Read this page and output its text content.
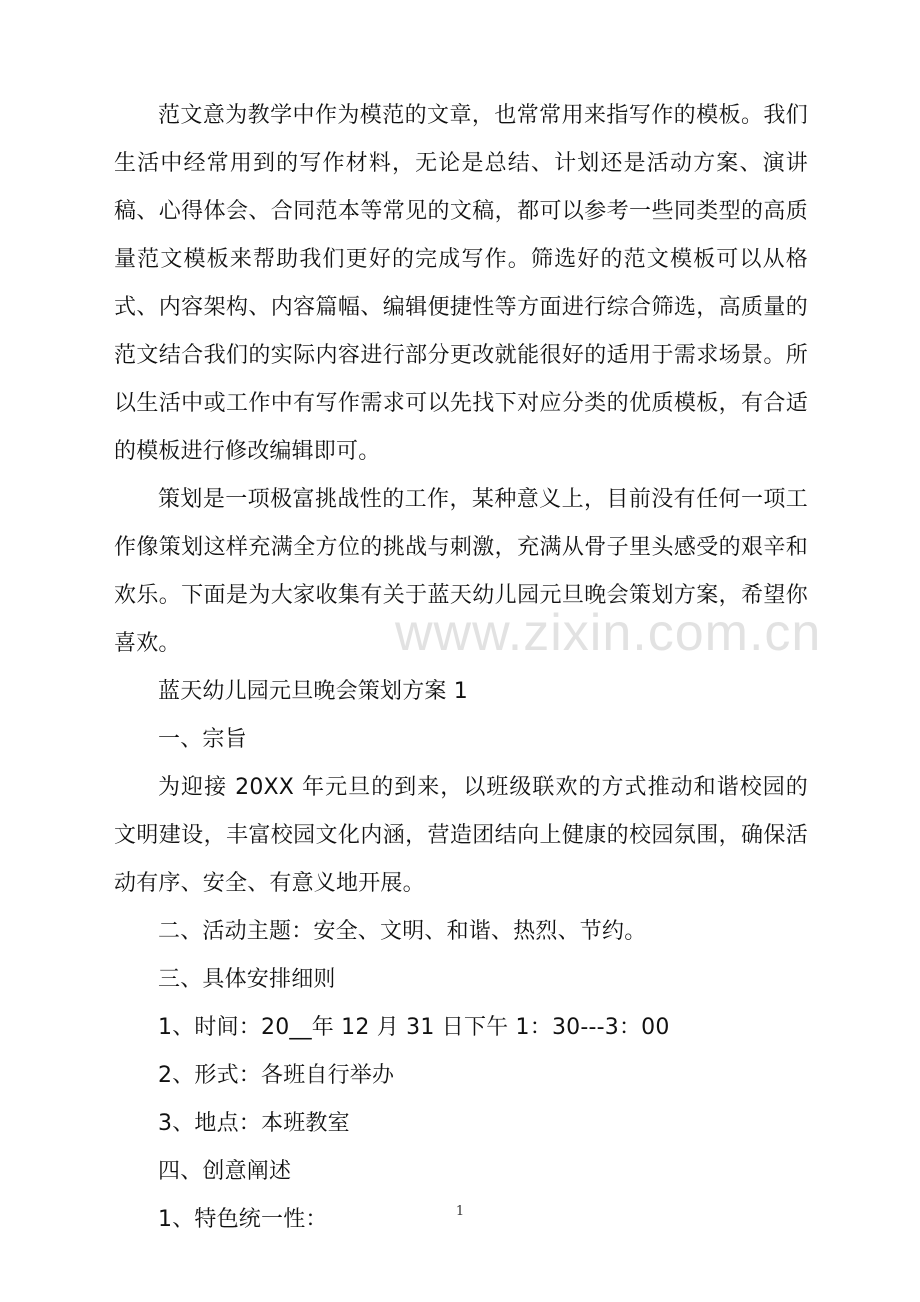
范文意为教学中作为模范的文章，也常常用来指写作的模板。我们生活中经常用到的写作材料，无论是总结、计划还是活动方案、演讲稿、心得体会、合同范本等常见的文稿，都可以参考一些同类型的高质量范文模板来帮助我们更好的完成写作。筛选好的范文模板可以从格式、内容架构、内容篇幅、编辑便捷性等方面进行综合筛选，高质量的范文结合我们的实际内容进行部分更改就能很好的适用于需求场景。所以生活中或工作中有写作需求可以先找下对应分类的优质模板，有合适的模板进行修改编辑即可。

策划是一项极富挑战性的工作，某种意义上，目前没有任何一项工作像策划这样充满全方位的挑战与刺激，充满从骨子里头感受的艰辛和欢乐。下面是为大家收集有关于蓝天幼儿园元旦晚会策划方案，希望你喜欢。

蓝天幼儿园元旦晚会策划方案 1

一、宗旨

为迎接 20XX 年元旦的到来，以班级联欢的方式推动和谐校园的文明建设，丰富校园文化内涵，营造团结向上健康的校园氛围，确保活动有序、安全、有意义地开展。

二、活动主题：安全、文明、和谐、热烈、节约。

三、具体安排细则

1、时间：20__年 12 月 31 日下午 1：30---3：00

2、形式：各班自行举办

3、地点：本班教室

四、创意阐述

1、特色统一性：

www.zixin.com.cn
1
